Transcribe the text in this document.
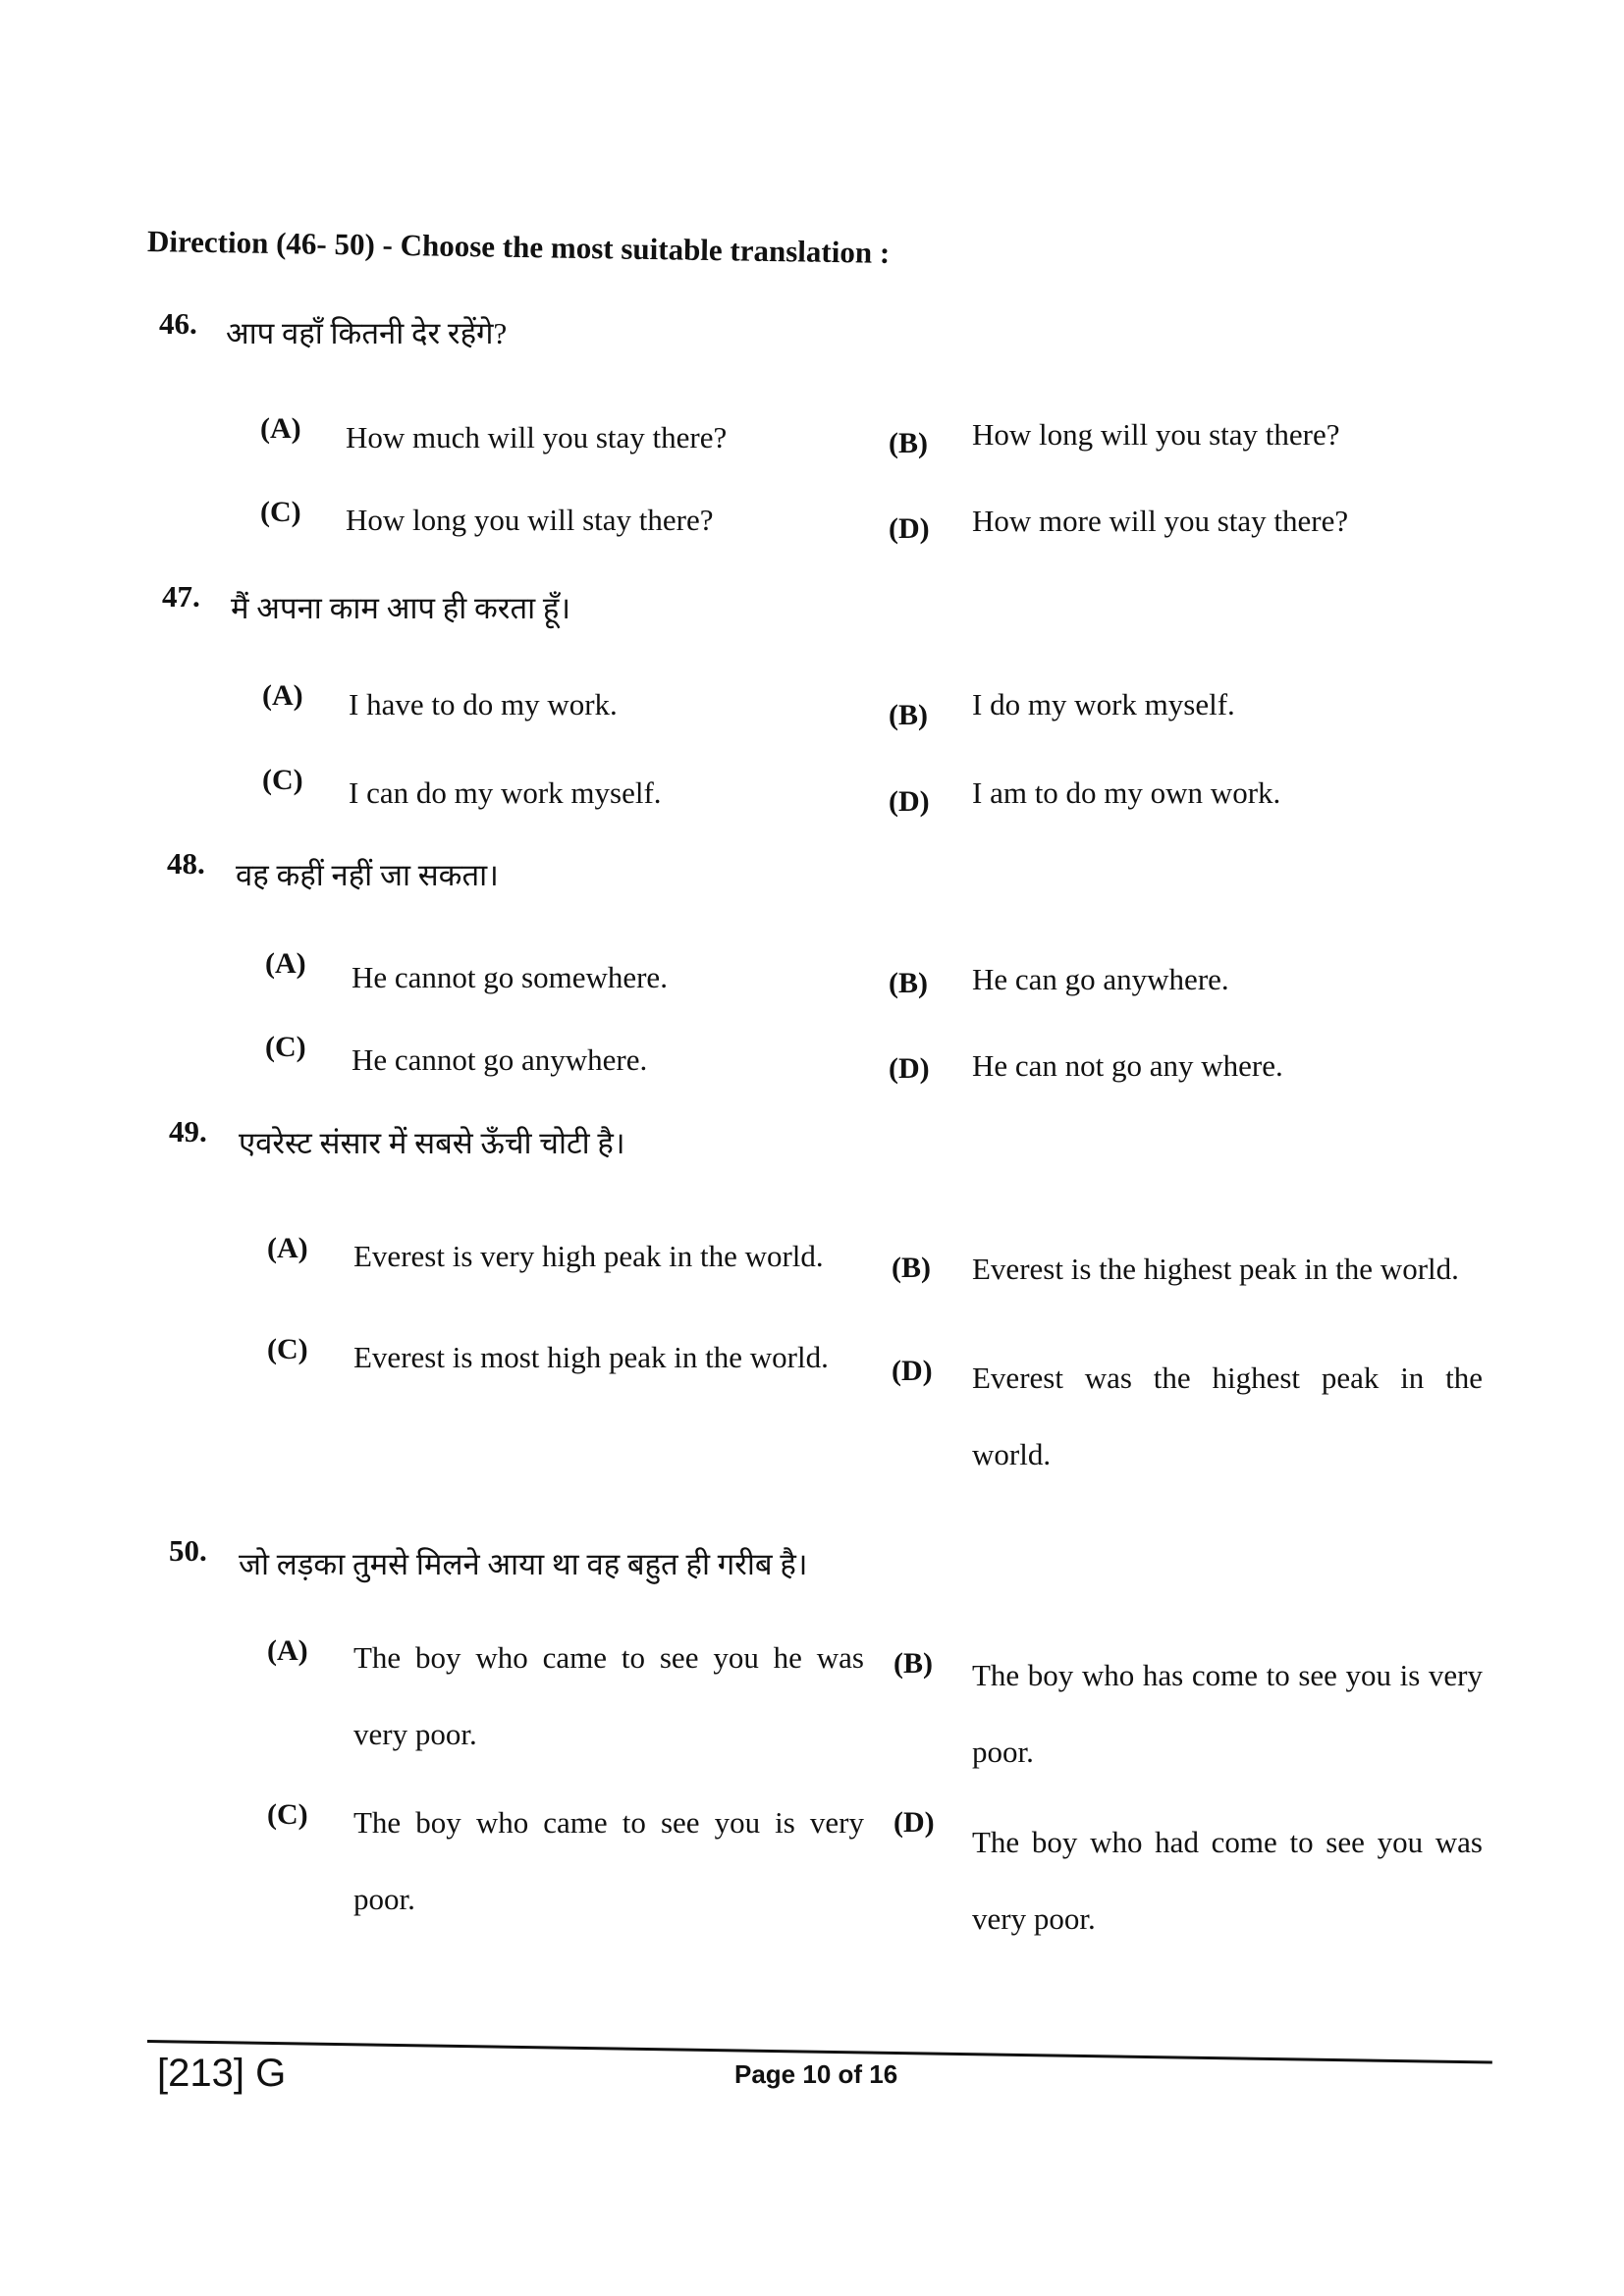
Direction (46- 50) - Choose the most suitable translation :
46. आप वहाँ कितनी देर रहेंगे?
(A) How much will you stay there?	(B) How long will you stay there?
(C) How long you will stay there?	(D) How more will you stay there?
47. मैं अपना काम आप ही करता हूँ।
(A) I have to do my work.	(B) I do my work myself.
(C) I can do my work myself.	(D) I am to do my own work.
48. वह कहीं नहीं जा सकता।
(A) He cannot go somewhere.	(B) He can go anywhere.
(C) He cannot go anywhere.	(D) He can not go any where.
49. एवरेस्ट संसार में सबसे ऊँची चोटी है।
(A) Everest is very high peak in the world. (B) Everest is the highest peak in the world.
(C) Everest is most high peak in the world. (D) Everest was the highest peak in the world.
50. जो लड़का तुमसे मिलने आया था वह बहुत ही गरीब है।
(A) The boy who came to see you he was very poor.
(B) The boy who has come to see you is very poor.
(C) The boy who came to see you is very poor.
(D)
The boy who had come to see you was very poor.
[213] G	Page 10 of 16
